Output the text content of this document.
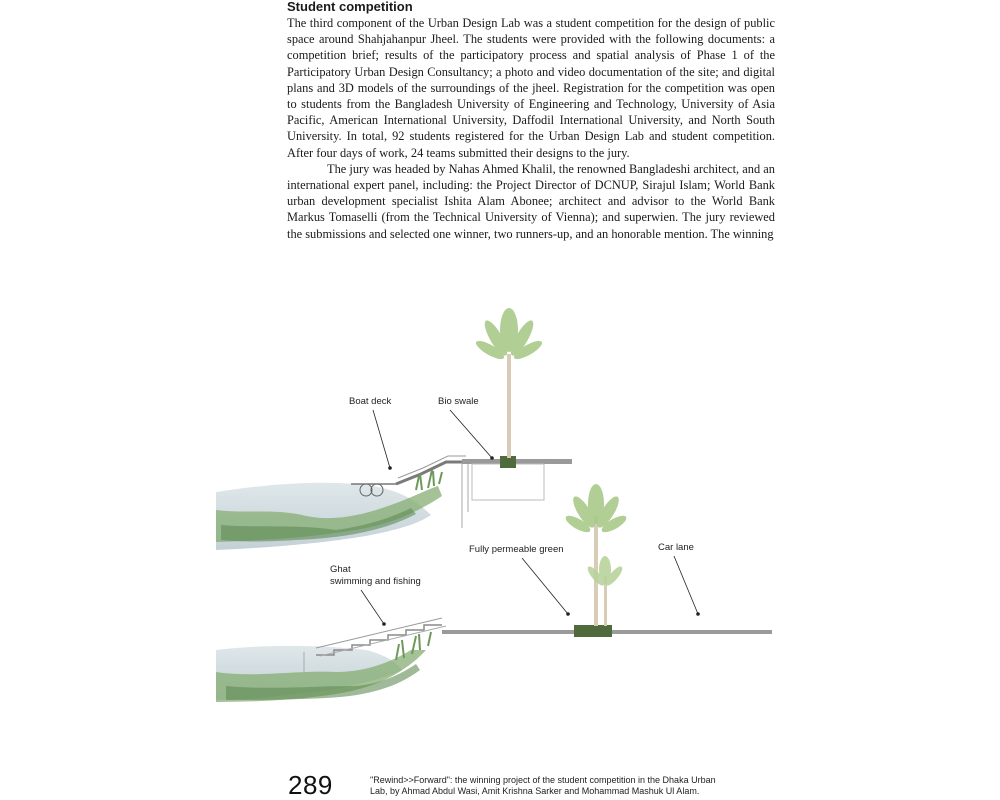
Student competition

The third component of the Urban Design Lab was a student competition for the design of public space around Shahjahanpur Jheel. The students were provided with the following documents: a competition brief; results of the participatory process and spatial analysis of Phase 1 of the Participatory Urban Design Consultancy; a photo and video documentation of the site; and digital plans and 3D models of the surroundings of the jheel. Registration for the competition was open to students from the Bangladesh University of Engineering and Technology, University of Asia Pacific, American International University, Daffodil International University, and North South University. In total, 92 students registered for the Urban Design Lab and student competition. After four days of work, 24 teams submitted their designs to the jury.

The jury was headed by Nahas Ahmed Khalil, the renowned Bangladeshi architect, and an international expert panel, including: the Project Director of DCNUP, Sirajul Islam; World Bank urban development specialist Ishita Alam Abonee; architect and advisor to the World Bank Markus Tomaselli (from the Technical University of Vienna); and superwien. The jury reviewed the submissions and selected one winner, two runners-up, and an honorable mention. The winning

Boat deck	Bio swale
Fully permeable green	Car lane
Ghat
swimming and fishing
289	"Rewind>>Forward": the winning project of the student competition in the Dhaka Urban
Lab, by Ahmad Abdul Wasi, Amit Krishna Sarker and Mohammad Mashuk Ul Alam.
